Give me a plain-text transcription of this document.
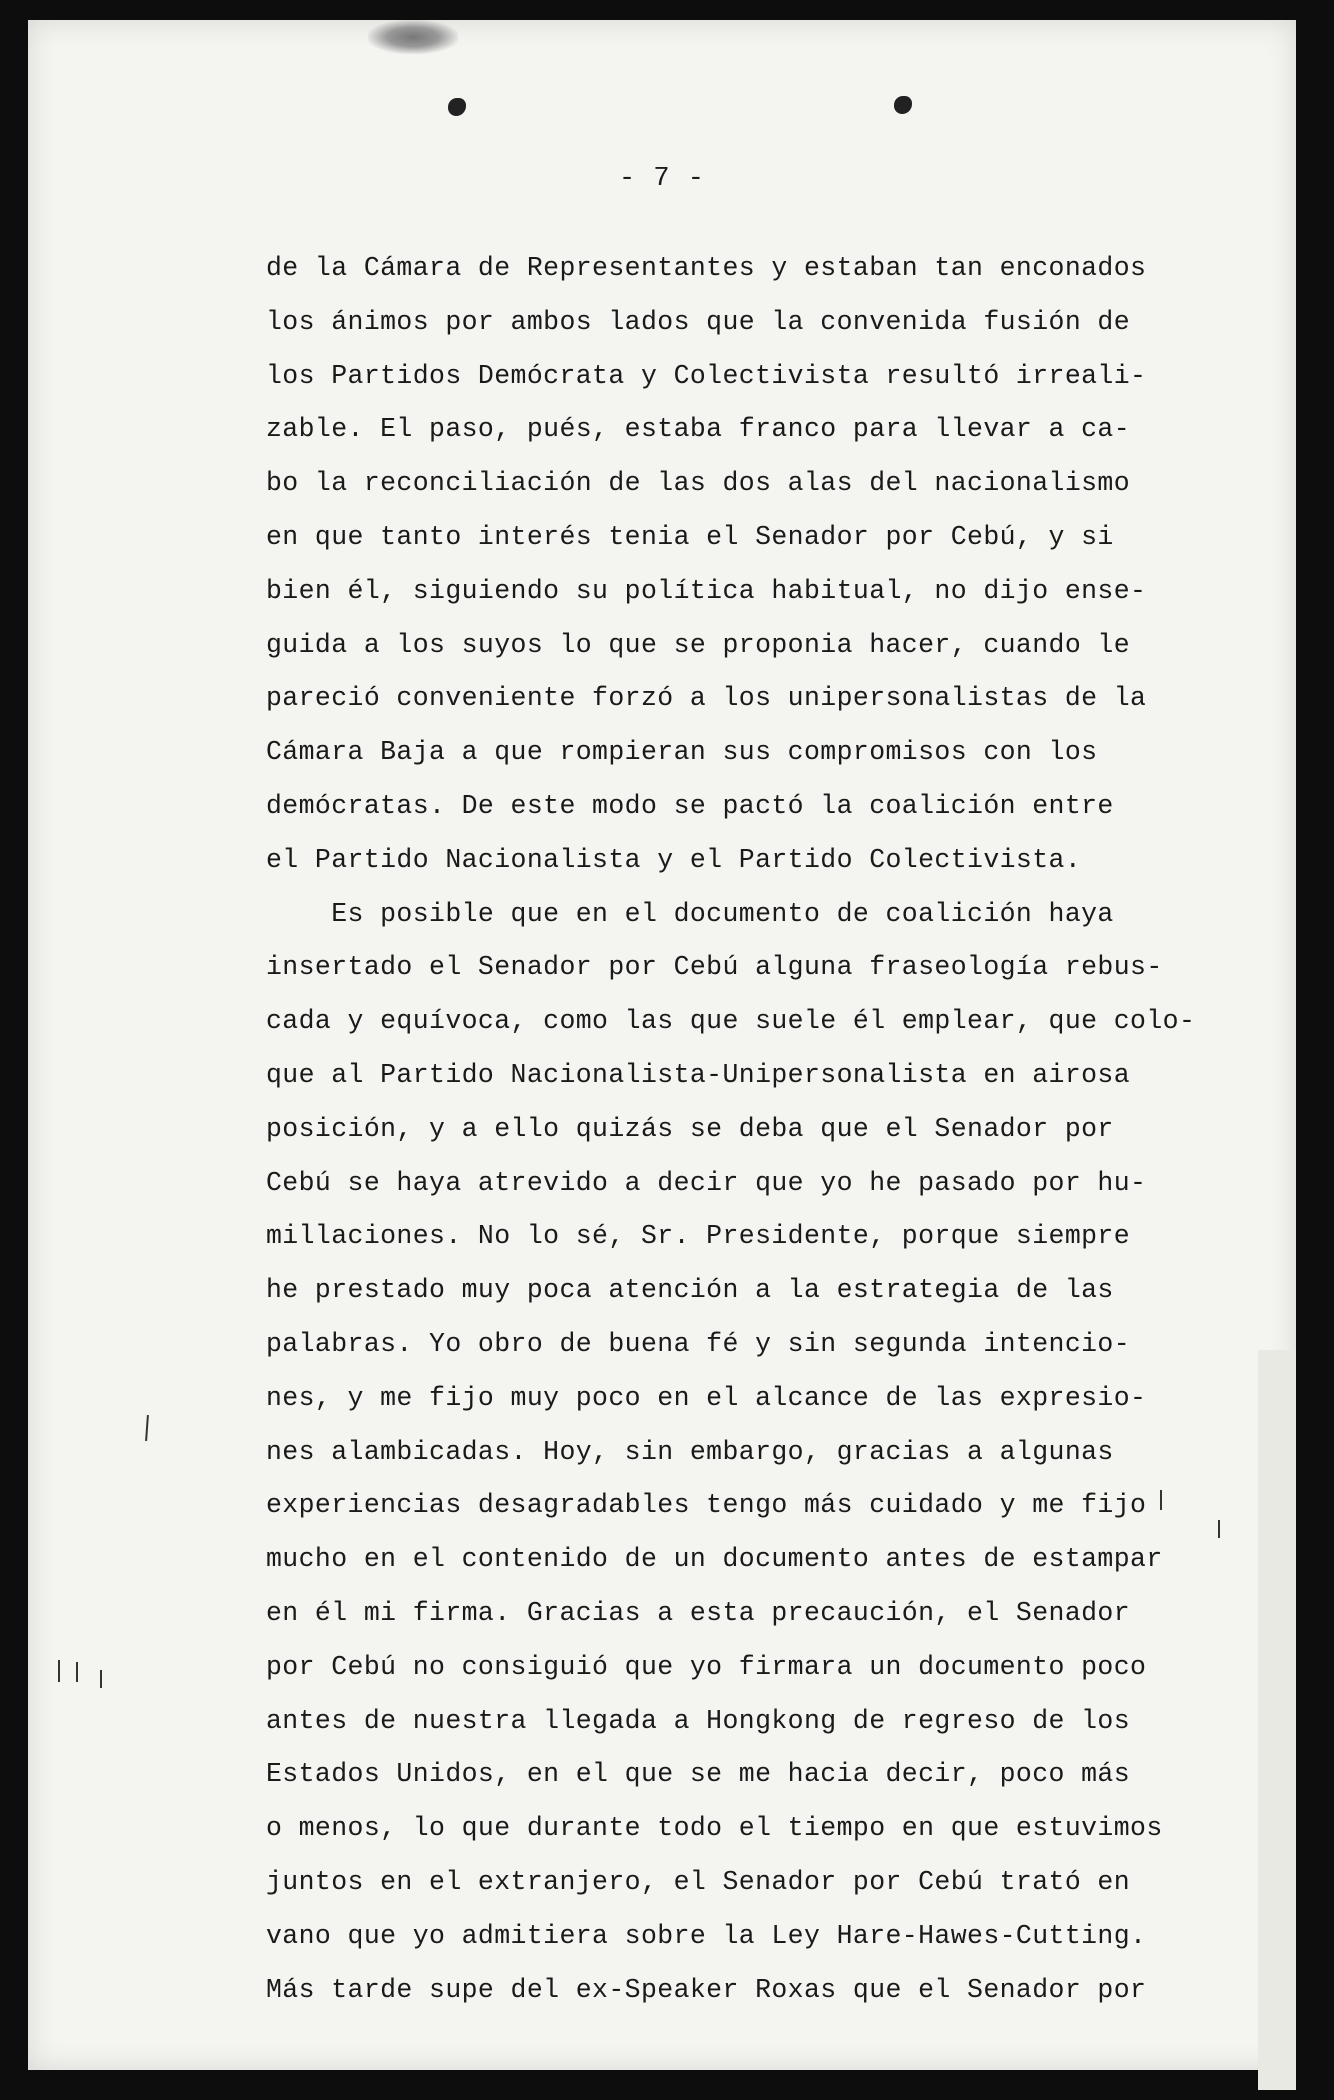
- 7 -
de la Cámara de Representantes y estaban tan enconados
los ánimos por ambos lados que la convenida fusión de
los Partidos Demócrata y Colectivista resultó irreali-
zable. El paso, pués, estaba franco para llevar a ca-
bo la reconciliación de las dos alas del nacionalismo
en que tanto interés tenia el Senador por Cebú, y si
bien él, siguiendo su política habitual, no dijo ense-
guida a los suyos lo que se proponia hacer, cuando le
pareció conveniente forzó a los unipersonalistas de la
Cámara Baja a que rompieran sus compromisos con los
demócratas. De este modo se pactó la coalición entre
el Partido Nacionalista y el Partido Colectivista.
Es posible que en el documento de coalición haya
insertado el Senador por Cebú alguna fraseología rebus-
cada y equívoca, como las que suele él emplear, que colo-
que al Partido Nacionalista-Unipersonalista en airosa
posición, y a ello quizás se deba que el Senador por
Cebú se haya atrevido a decir que yo he pasado por hu-
millaciones. No lo sé, Sr. Presidente, porque siempre
he prestado muy poca atención a la estrategia de las
palabras. Yo obro de buena fé y sin segunda intencio-
nes, y me fijo muy poco en el alcance de las expresio-
nes alambicadas. Hoy, sin embargo, gracias a algunas
experiencias desagradables tengo más cuidado y me fijo
mucho en el contenido de un documento antes de estampar
en él mi firma. Gracias a esta precaución, el Senador
por Cebú no consiguió que yo firmara un documento poco
antes de nuestra llegada a Hongkong de regreso de los
Estados Unidos, en el que se me hacia decir, poco más
o menos, lo que durante todo el tiempo en que estuvimos
juntos en el extranjero, el Senador por Cebú trató en
vano que yo admitiera sobre la Ley Hare-Hawes-Cutting.
Más tarde supe del ex-Speaker Roxas que el Senador por
